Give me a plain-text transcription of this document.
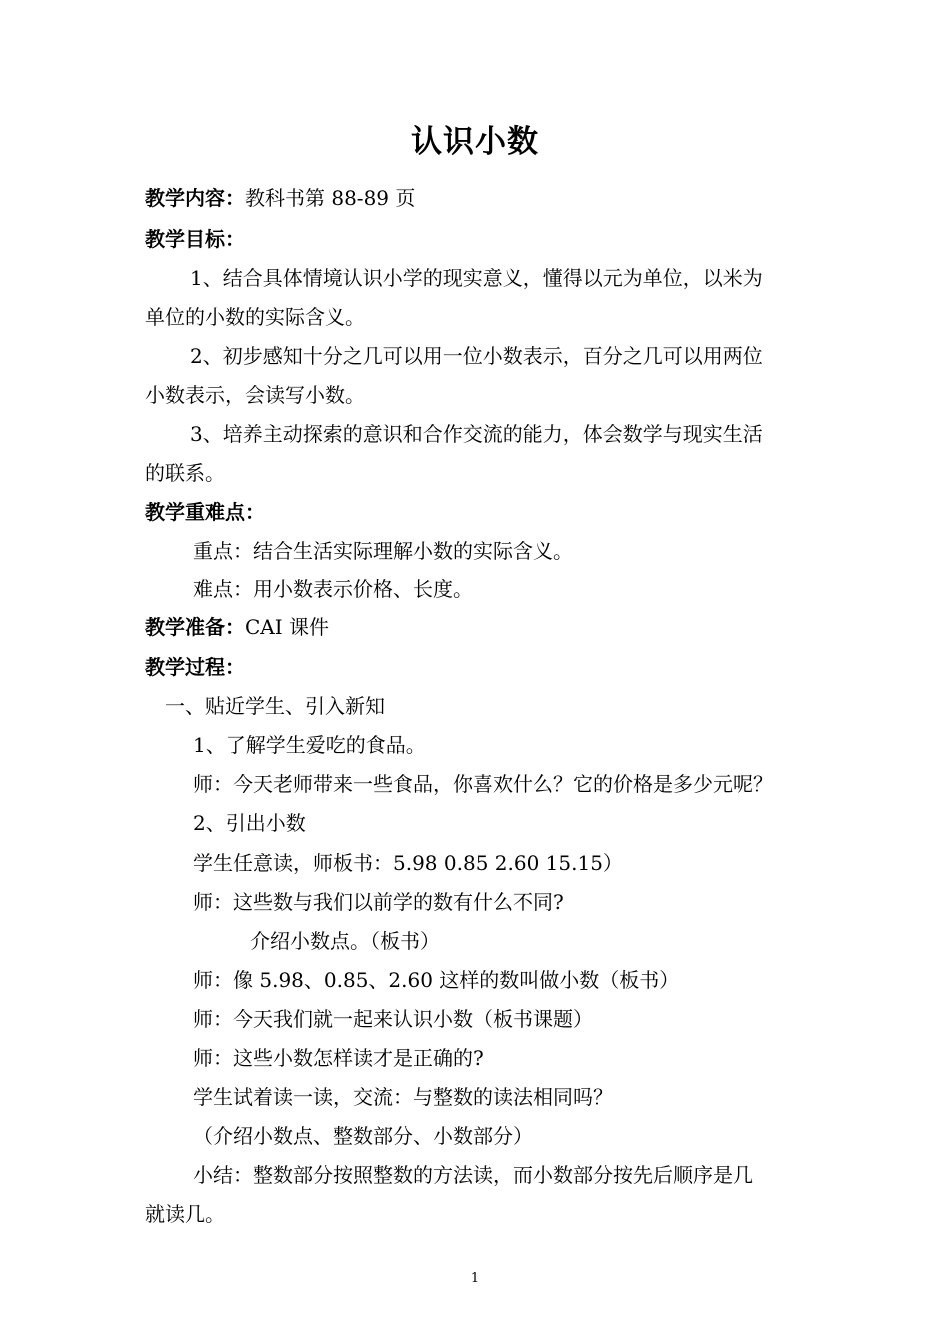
认识小数
教学内容：教科书第 88-89 页
教学目标：
1、结合具体情境认识小学的现实意义，懂得以元为单位，以米为
单位的小数的实际含义。
2、初步感知十分之几可以用一位小数表示，百分之几可以用两位
小数表示，会读写小数。
3、培养主动探索的意识和合作交流的能力，体会数学与现实生活
的联系。
教学重难点：
重点：结合生活实际理解小数的实际含义。
难点：用小数表示价格、长度。
教学准备：CAI 课件
教学过程：
一、贴近学生、引入新知
1、了解学生爱吃的食品。
师：今天老师带来一些食品，你喜欢什么？它的价格是多少元呢？
2、引出小数
学生任意读，师板书：5.98 0.85 2.60 15.15）
师：这些数与我们以前学的数有什么不同?
介绍小数点。（板书）
师：像 5.98、0.85、2.60 这样的数叫做小数（板书）
师：今天我们就一起来认识小数（板书课题）
师：这些小数怎样读才是正确的?
学生试着读一读，交流：与整数的读法相同吗？
（介绍小数点、整数部分、小数部分）
小结：整数部分按照整数的方法读，而小数部分按先后顺序是几
就读几。
1
